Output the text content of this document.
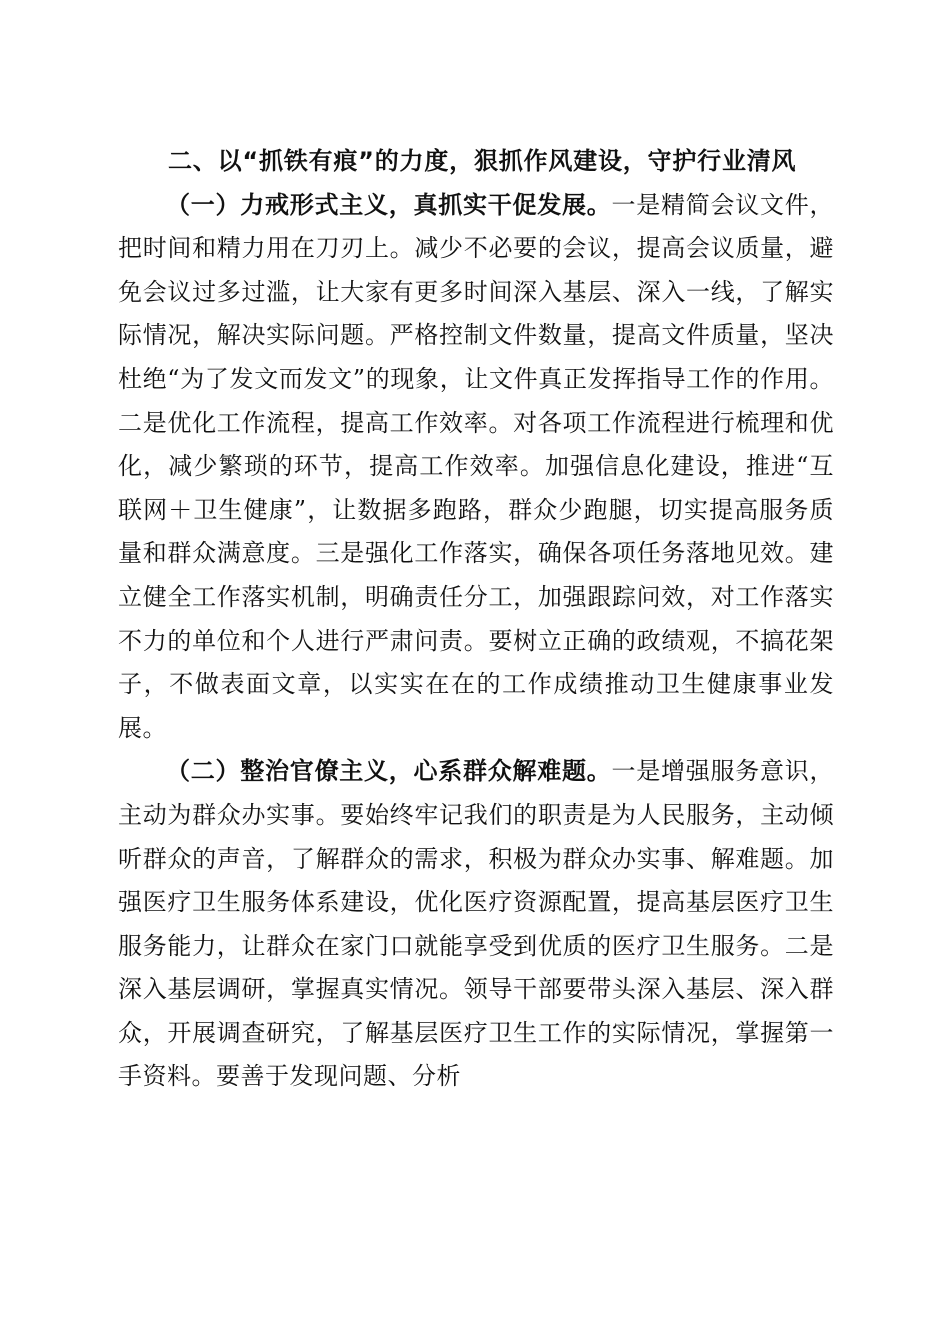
二、以“抓铁有痕”的力度，狠抓作风建设，守护行业清风

（一）力戒形式主义，真抓实干促发展。一是精简会议文件，把时间和精力用在刀刃上。减少不必要的会议，提高会议质量，避免会议过多过滥，让大家有更多时间深入基层、深入一线，了解实际情况，解决实际问题。严格控制文件数量，提高文件质量，坚决杜绝“为了发文而发文”的现象，让文件真正发挥指导工作的作用。二是优化工作流程，提高工作效率。对各项工作流程进行梳理和优化，减少繁琐的环节，提高工作效率。加强信息化建设，推进“互联网＋卫生健康”，让数据多跑路，群众少跑腿，切实提高服务质量和群众满意度。三是强化工作落实，确保各项任务落地见效。建立健全工作落实机制，明确责任分工，加强跟踪问效，对工作落实不力的单位和个人进行严肃问责。要树立正确的政绩观，不搞花架子，不做表面文章，以实实在在的工作成绩推动卫生健康事业发展。

（二）整治官僚主义，心系群众解难题。一是增强服务意识，主动为群众办实事。要始终牢记我们的职责是为人民服务，主动倾听群众的声音，了解群众的需求，积极为群众办实事、解难题。加强医疗卫生服务体系建设，优化医疗资源配置，提高基层医疗卫生服务能力，让群众在家门口就能享受到优质的医疗卫生服务。二是深入基层调研，掌握真实情况。领导干部要带头深入基层、深入群众，开展调查研究，了解基层医疗卫生工作的实际情况，掌握第一手资料。要善于发现问题、分析
